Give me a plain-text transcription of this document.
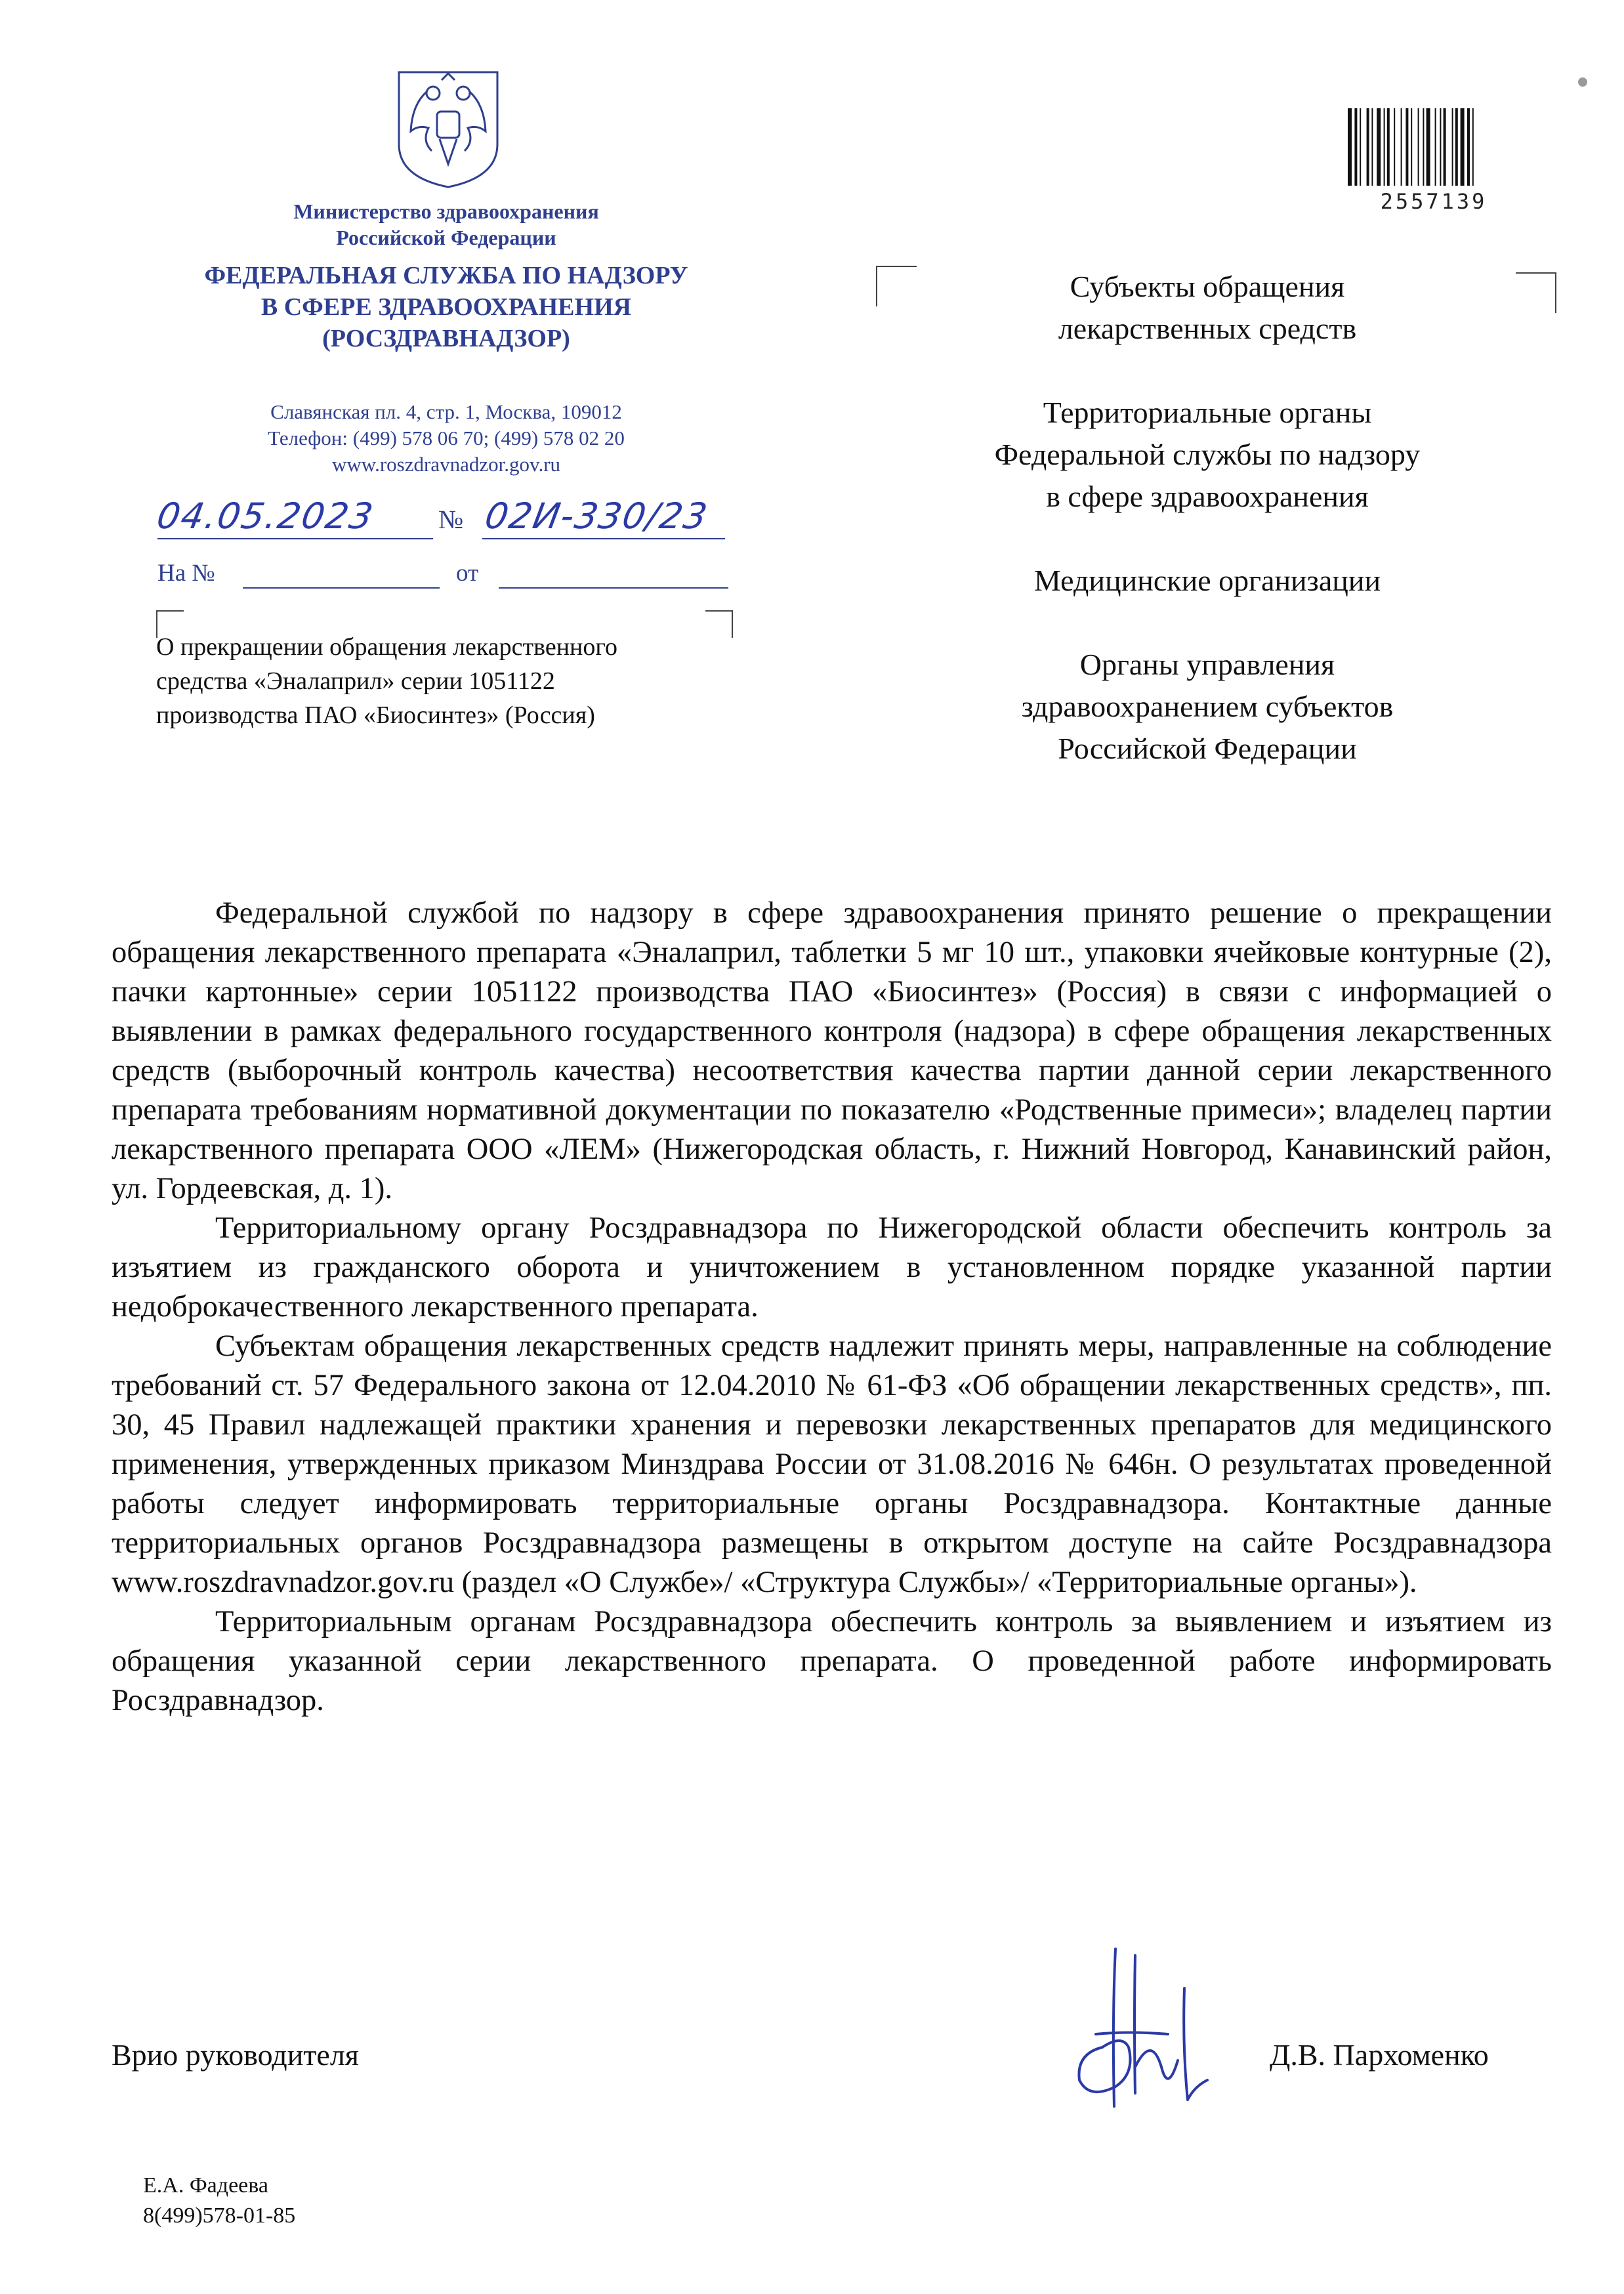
Министерство здравоохранения
Российской Федерации
ФЕДЕРАЛЬНАЯ СЛУЖБА ПО НАДЗОРУ
В СФЕРЕ ЗДРАВООХРАНЕНИЯ
(РОСЗДРАВНАДЗОР)
Славянская пл. 4, стр. 1, Москва, 109012
Телефон: (499) 578 06 70; (499) 578 02 20
www.roszdravnadzor.gov.ru
04.05.2023 № 02И-330/23
На №	от
О прекращении обращения лекарственного
средства «Эналаприл» серии 1051122
производства ПАО «Биосинтез» (Россия)
2557139
Субъекты обращения
лекарственных средств
Территориальные органы
Федеральной службы по надзору
в сфере здравоохранения
Медицинские организации
Органы управления
здравоохранением субъектов
Российской Федерации

Федеральной службой по надзору в сфере здравоохранения принято решение о прекращении обращения лекарственного препарата «Эналаприл, таблетки 5 мг 10 шт., упаковки ячейковые контурные (2), пачки картонные» серии 1051122 производства ПАО «Биосинтез» (Россия) в связи с информацией о выявлении в рамках федерального государственного контроля (надзора) в сфере обращения лекарственных средств (выборочный контроль качества) несоответствия качества партии данной серии лекарственного препарата требованиям нормативной документации по показателю «Родственные примеси»; владелец партии лекарственного препарата ООО «ЛЕМ» (Нижегородская область, г. Нижний Новгород, Канавинский район, ул. Гордеевская, д. 1).

Территориальному органу Росздравнадзора по Нижегородской области обеспечить контроль за изъятием из гражданского оборота и уничтожением в установленном порядке указанной партии недоброкачественного лекарственного препарата.

Субъектам обращения лекарственных средств надлежит принять меры, направленные на соблюдение требований ст. 57 Федерального закона от 12.04.2010 № 61-ФЗ «Об обращении лекарственных средств», пп. 30, 45 Правил надлежащей практики хранения и перевозки лекарственных препаратов для медицинского применения, утвержденных приказом Минздрава России от 31.08.2016 № 646н. О результатах проведенной работы следует информировать территориальные органы Росздравнадзора. Контактные данные территориальных органов Росздравнадзора размещены в открытом доступе на сайте Росздравнадзора www.roszdravnadzor.gov.ru (раздел «О Службе»/ «Структура Службы»/ «Территориальные органы»).

Территориальным органам Росздравнадзора обеспечить контроль за выявлением и изъятием из обращения указанной серии лекарственного препарата. О проведенной работе информировать Росздравнадзор.

Врио руководителя	Д.В. Пархоменко
Е.А. Фадеева
8(499)578-01-85
